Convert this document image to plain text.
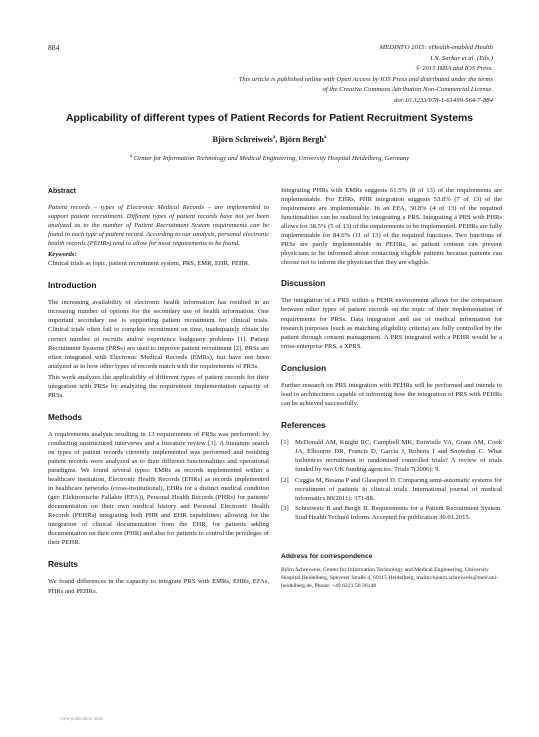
884	MEDINFO 2015: eHealth-enabled Health
I.N. Sarkar et al. (Eds.)
© 2015 IMIA and IOS Press.
This article is published online with Open Access by IOS Press and distributed under the terms
of the Creative Commons Attribution Non-Commercial License.
doi:10.3233/978-1-61499-564-7-884
Applicability of different types of Patient Records for Patient Recruitment Systems
Björn Schreiweis$^a$, Björn Bergh$^a$
$^a$ Center for Information Technology and Medical Engineering, University Hospital Heidelberg, Germany
Abstract

Patient records – types of Electronic Medical Records – are implemented to support patient recruitment. Different types of patient records have not yet been analyzed as to the number of Patient Recruitment System requirements can be found in each type of patient record. According to our analysis, personal electronic health records (PEHRs) tend to allow for most requirements to be found.

Keywords:

Clinical trials as topic, patient recruitment system, PRS, EMR, EHR, PEHR.

Introduction

The increasing availability of electronic health information has resulted in an increasing number of options for the secondary use of health information. One important secondary use is supporting patient recruitment for clinical trials. Clinical trials often fail to complete recruitment on time, inadequately obtain the correct number of recruits and/or experience budgetary problems [1]. Patient Recruitment Systems (PRSs) are used to improve patient recruitment [2]. PRSs are often integrated with Electronic Medical Records (EMRs), but have not been analyzed as to how other types of records match with the requirements of PRSs.

This work analyzes the applicability of different types of patient records for their integration with PRSs by analyzing the requirement implementation capacity of PRSs.

Methods

A requirements analysis resulting in 13 requirements of PRSs was performed; by conducting unstructured interviews and a literature review [3]. A literature search on types of patient records currently implemented was performed and resulting patient records were analyzed as to their different functionalities and operational paradigms. We found several types: EMRs as records implemented within a healthcare institution, Electronic Health Records (EHRs) as records implemented in healthcare networks (cross-institutional), EHRs for a distinct medical condition (ger: Elektronische Fallakte (EFA)), Personal Health Records (PHRs) for patients' documentation on their own medical history and Personal Electronic Health Records (PEHRs) integrating both PHR and EHR capabilities; allowing for the integration of clinical documentation from the EHR, for patients adding documentation on their own (PHR) and also for patients to control the privileges of their PEHR.

Results

We found differences in the capacity to integrate PRS with EMRs, EHRs, EFAs, PHRs and PEHRs.

Integrating PHRs with EMRs suggests 61.5% (8 of 13) of the requirements are implementable. For EHRs, PHR integration suggests 53.8% (7 of 13) of the requirements are implementable. In an EFA, 30.8% (4 of 13) of the required functionalities can be realized by integrating a PRS. Integrating a PRS with PHRs allows for 38.5% (5 of 13) of the requirements to be implemented. PEHRs are fully implementable for 84.6% (11 of 13) of the required functions. Two functions of PRSs are partly implementable in PEHRs, as patient consent can prevent physicians to be informed about contacting eligible patients because patients can choose not to inform the physician that they are eligible.

Discussion

The integration of a PRS within a PEHR environment allows for the comparison between other types of patient records on the topic of their implementation of requirements for PRSs. Data integration and use of medical information for research purposes (such as matching eligibility criteria) are fully controlled by the patient through consent management. A PRS integrated with a PEHR would be a cross-enterprise PRS, a XPRS.

Conclusion

Further research on PRS integration with PEHRs will be performed and intends to lead to architectures capable of informing how the integration of PRS with PEHRs can be achieved successfully.

References
[1] McDonald AM, Knight RC, Campbell MK, Entwistle VA, Grant AM, Cook JA, Elbourne DR, Francis D, Garcia J, Roberts I and Snowdon C. What influences recruitment to randomised controlled trials? A review of trials funded by two UK funding agencies. Trials 7(2006): 9.
[2] Cuggia M, Besana P and Glasspool D. Comparing semi-automatic systems for recruitment of patients to clinical trials. International journal of medical informatics 80(2011): 371-88.
[3] Schreiweis B and Bergh B. Requirements for a Patient Recruitment System. Stud Health Technol Inform. Accepted for publication 30.01.2015.
Address for correspondence
Björn Schreiweis, Center for Information Technology and Medical Engineering, University Hospital Heidelberg, Speyerer Straße 4, 69115 Heidelberg, mailto:bjoern.schreiweis@med.uni-heidelberg.de, Phone: +49 6221 56 36148
View publication stats
